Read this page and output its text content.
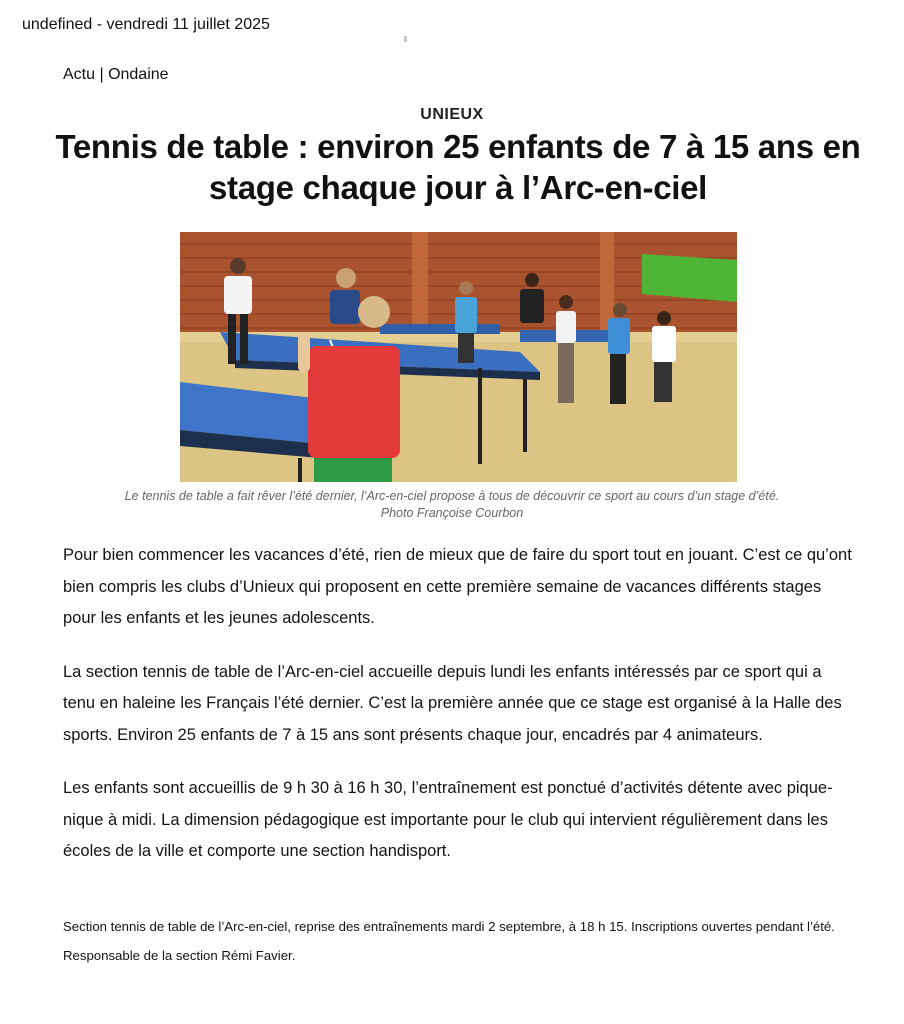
undefined - vendredi 11 juillet 2025
Actu | Ondaine
UNIEUX
Tennis de table : environ 25 enfants de 7 à 15 ans en stage chaque jour à l’Arc-en-ciel
Le tennis de table a fait rêver l’été dernier, l’Arc-en-ciel propose à tous de découvrir ce sport au cours d’un stage d’été.
Photo Françoise Courbon

Pour bien commencer les vacances d’été, rien de mieux que de faire du sport tout en jouant. C’est ce qu’ont bien compris les clubs d’Unieux qui proposent en cette première semaine de vacances différents stages pour les enfants et les jeunes adolescents.

La section tennis de table de l’Arc-en-ciel accueille depuis lundi les enfants intéressés par ce sport qui a tenu en haleine les Français l’été dernier. C’est la première année que ce stage est organisé à la Halle des sports. Environ 25 enfants de 7 à 15 ans sont présents chaque jour, encadrés par 4 animateurs.

Les enfants sont accueillis de 9 h 30 à 16 h 30, l’entraînement est ponctué d’activités détente avec pique-nique à midi. La dimension pédagogique est importante pour le club qui intervient régulièrement dans les écoles de la ville et comporte une section handisport.

Section tennis de table de l’Arc-en-ciel, reprise des entraînements mardi 2 septembre, à 18 h 15. Inscriptions ouvertes pendant l’été. Responsable de la section Rémi Favier.
